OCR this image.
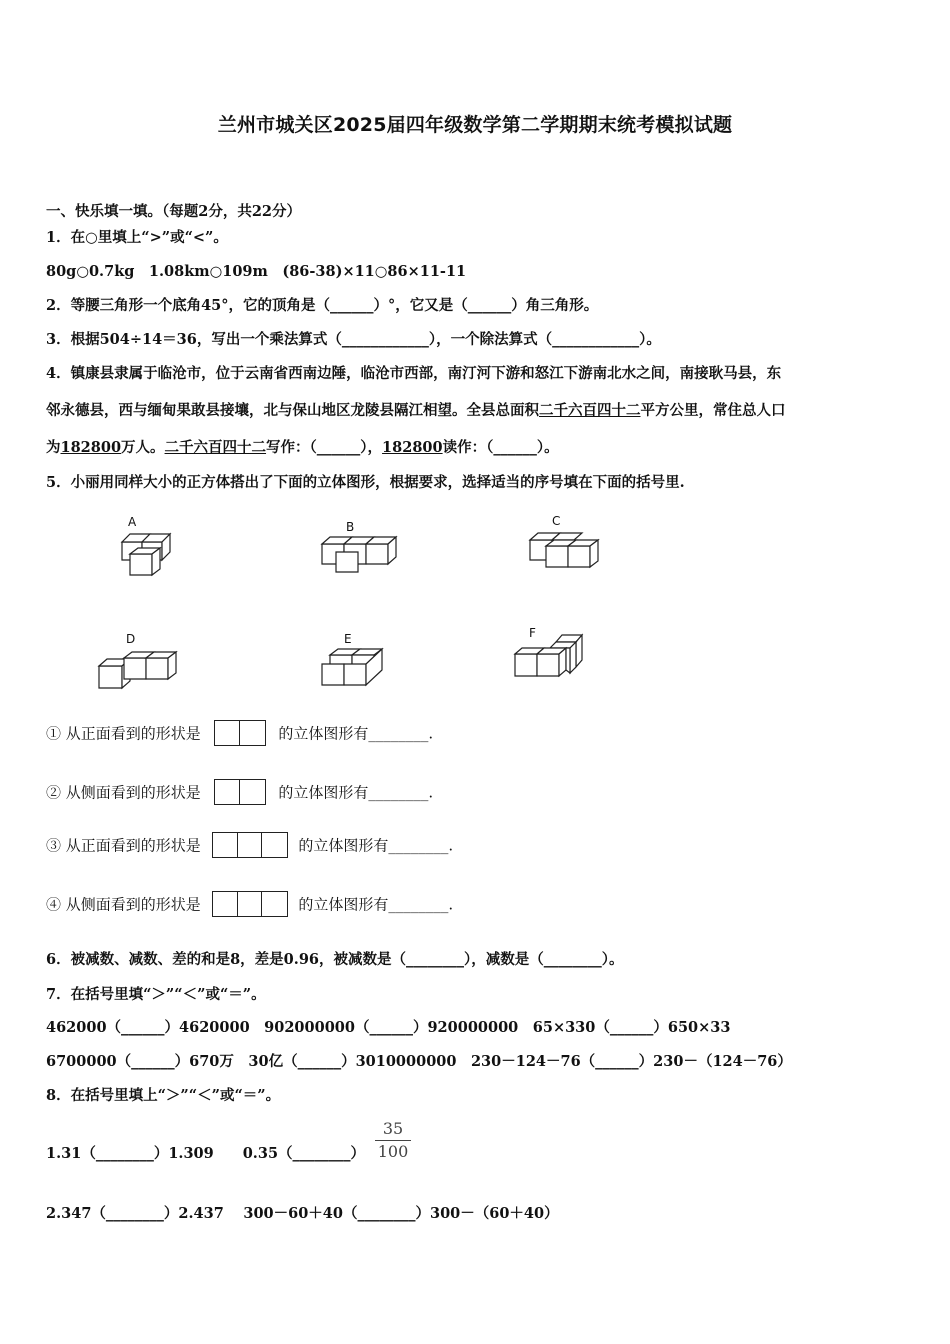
兰州市城关区2025届四年级数学第二学期期末统考模拟试题
一、快乐填一填。（每题2分，共22分）
1．在○里填上“>”或“<”。
80g○0.7kg　1.08km○109m　(86-38)×11○86×11-11
2．等腰三角形一个底角45°，它的顶角是（______）°，它又是（______）角三角形。
3．根据504÷14＝36，写出一个乘法算式（____________），一个除法算式（____________）。
4．镇康县隶属于临沧市，位于云南省西南边陲，临沧市西部，南汀河下游和怒江下游南北水之间，南接耿马县，东
邻永德县，西与缅甸果敢县接壤，北与保山地区龙陵县隔江相望。全县总面积二千六百四十二平方公里，常住总人口
为182800万人。二千六百四十二写作：（______），182800读作：（______）。
5．小丽用同样大小的正方体搭出了下面的立体图形，根据要求，选择适当的序号填在下面的括号里.
A	B	C
D	E	F
① 从正面看到的形状是	的立体图形有________.
② 从侧面看到的形状是	的立体图形有________.
③ 从正面看到的形状是	的立体图形有________.
④ 从侧面看到的形状是	的立体图形有________.
6．被减数、减数、差的和是8，差是0.96，被减数是（________），减数是（________）。
7．在括号里填“＞”“＜”或“＝”。
462000（______）4620000　902000000（______）920000000　65×330（______）650×33
6700000（______）670万　30亿（______）3010000000　230－124－76（______）230－（124－76）
8．在括号里填上“＞”“＜”或“＝”。
1.31（________）1.309　　0.35（________）
35
100
2.347（________）2.437　 300－60＋40（________）300－（60＋40）
